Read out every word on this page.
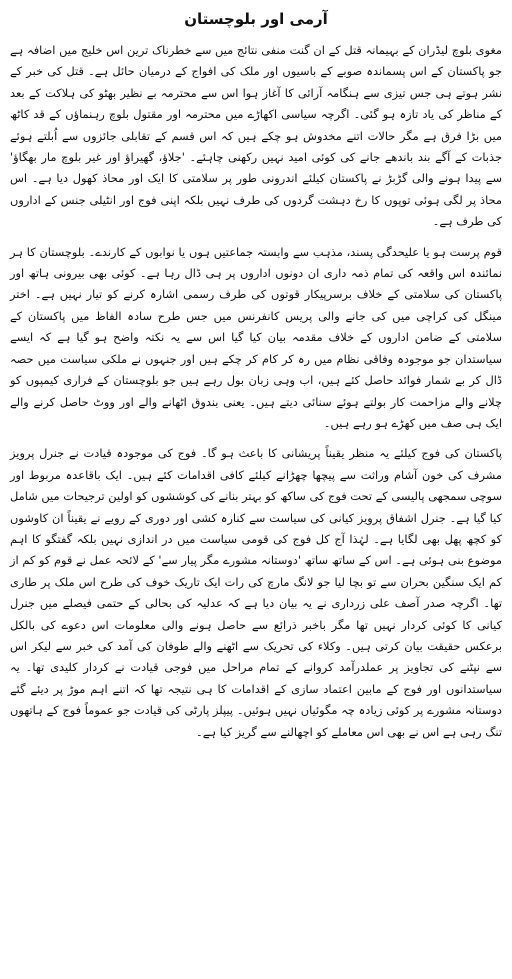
آرمی اور بلوچستان

مغوی بلوچ لیڈران کے بہیمانہ قتل کے ان گنت منفی نتائج میں سے خطرناک ترین اس خلیج میں اضافہ ہے جو پاکستان کے اس پسماندہ صوبے کے باسیوں اور ملک کی افواج کے درمیان حائل ہے۔ قتل کی خبر کے نشر ہوتے ہی جس تیزی سے ہنگامہ آرائی کا آغاز ہوا اس سے محترمہ بے نظیر بھٹو کی ہلاکت کے بعد کے مناظر کی یاد تازہ ہو گئی۔ اگرچہ سیاسی اکھاڑے میں محترمہ اور مقتول بلوچ رہنماؤں کے قد کاٹھ میں بڑا فرق ہے مگر حالات اتنے مخدوش ہو چکے ہیں کہ اس قسم کے تقابلی جائزوں سے اُبلتے ہوئے جذبات کے آگے بند باندھے جانے کی کوئی امید نہیں رکھنی چاہئے۔ 'جلاؤ، گھیراؤ اور غیر بلوچ مار بھگاؤ' سے پیدا ہونے والی گڑبڑ نے پاکستان کیلئے اندرونی طور پر سلامتی کا ایک اور محاذ کھول دیا ہے۔ اس محاذ پر لگی ہوئی توپوں کا رخ دہشت گردوں کی طرف نہیں بلکہ اپنی فوج اور انٹیلی جنس کے اداروں کی طرف ہے۔

قوم پرست ہو یا علیحدگی پسند، مذہب سے وابستہ جماعتیں ہوں یا نوابوں کے کارندے۔ بلوچستان کا ہر نمائندہ اس واقعہ کی تمام ذمہ داری ان دونوں اداروں پر ہی ڈال رہا ہے۔ کوئی بھی بیرونی ہاتھ اور پاکستان کی سلامتی کے خلاف برسرپیکار قوتوں کی طرف رسمی اشارہ کرنے کو تیار نہیں ہے۔ اختر مینگل کی کراچی میں کی جانے والی پریس کانفرنس میں جس طرح سادہ الفاظ میں پاکستان کے سلامتی کے ضامن اداروں کے خلاف مقدمہ بیان کیا گیا اس سے یہ نکتہ واضح ہو گیا ہے کہ ایسے سیاستدان جو موجودہ وفاقی نظام میں رہ کر کام کر چکے ہیں اور جنہوں نے ملکی سیاست میں حصہ ڈال کر بے شمار فوائد حاصل کئے ہیں، اب وہی زبان بول رہے ہیں جو بلوچستان کے فراری کیمپوں کو چلانے والے مزاحمت کار بولتے ہوئے سنائی دیتے ہیں۔ یعنی بندوق اٹھانے والے اور ووٹ حاصل کرنے والے ایک ہی صف میں کھڑے ہو رہے ہیں۔

پاکستان کی فوج کیلئے یہ منظر یقیناً پریشانی کا باعث ہو گا۔ فوج کی موجودہ قیادت نے جنرل پرویز مشرف کی خون آشام وراثت سے پیچھا چھڑانے کیلئے کافی اقدامات کئے ہیں۔ ایک باقاعدہ مربوط اور سوچی سمجھی پالیسی کے تحت فوج کی ساکھ کو بہتر بنانے کی کوششوں کو اولین ترجیحات میں شامل کیا گیا ہے۔ جنرل اشفاق پرویز کیانی کی سیاست سے کنارہ کشی اور دوری کے رویے نے یقیناً ان کاوشوں کو کچھ پھل بھی لگایا ہے۔ لہٰذا آج کل فوج کی قومی سیاست میں در اندازی نہیں بلکہ گفتگو کا اہم موضوع بنی ہوئی ہے۔ اس کے ساتھ ساتھ 'دوستانہ مشورے مگر پیار سے' کے لائحہ عمل نے قوم کو کم از کم ایک سنگین بحران سے تو بچا لیا جو لانگ مارچ کی رات ایک تاریک خوف کی طرح اس ملک پر طاری تھا۔ اگرچہ صدر آصف علی زرداری نے یہ بیان دیا ہے کہ عدلیہ کی بحالی کے حتمی فیصلے میں جنرل کیانی کا کوئی کردار نہیں تھا مگر باخبر ذرائع سے حاصل ہونے والی معلومات اس دعوے کی بالکل برعکس حقیقت بیان کرتی ہیں۔ وکلاء کی تحریک سے اٹھنے والے طوفان کی آمد کی خبر سے لیکر اس سے نپٹنے کی تجاویز پر عملدرآمد کروانے کے تمام مراحل میں فوجی قیادت نے کردار کلیدی تھا۔ یہ سیاستدانوں اور فوج کے مابین اعتماد سازی کے اقدامات کا ہی نتیجہ تھا کہ اتنے اہم موڑ پر دیئے گئے دوستانہ مشورے پر کوئی زیادہ چہ مگوئیاں نہیں ہوئیں۔ پیپلز پارٹی کی قیادت جو عموماً فوج کے ہاتھوں تنگ رہی ہے اس نے بھی اس معاملے کو اچھالنے سے گریز کیا ہے۔
